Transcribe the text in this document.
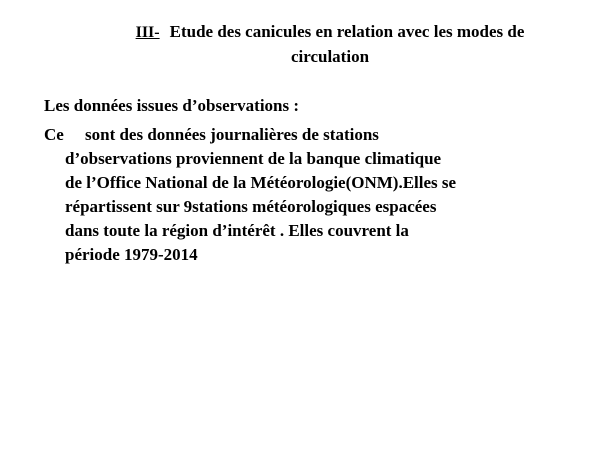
III- Etude des canicules en relation avec les modes de
circulation
Les données issues d’observations :
Ce sont des données journalières de stations
d’observations proviennent de la banque climatique
de l’Office National de la Météorologie(ONM).Elles se
répartissent sur 9stations météorologiques espacées
dans toute la région d’intérêt . Elles couvrent la
période 1979-2014
